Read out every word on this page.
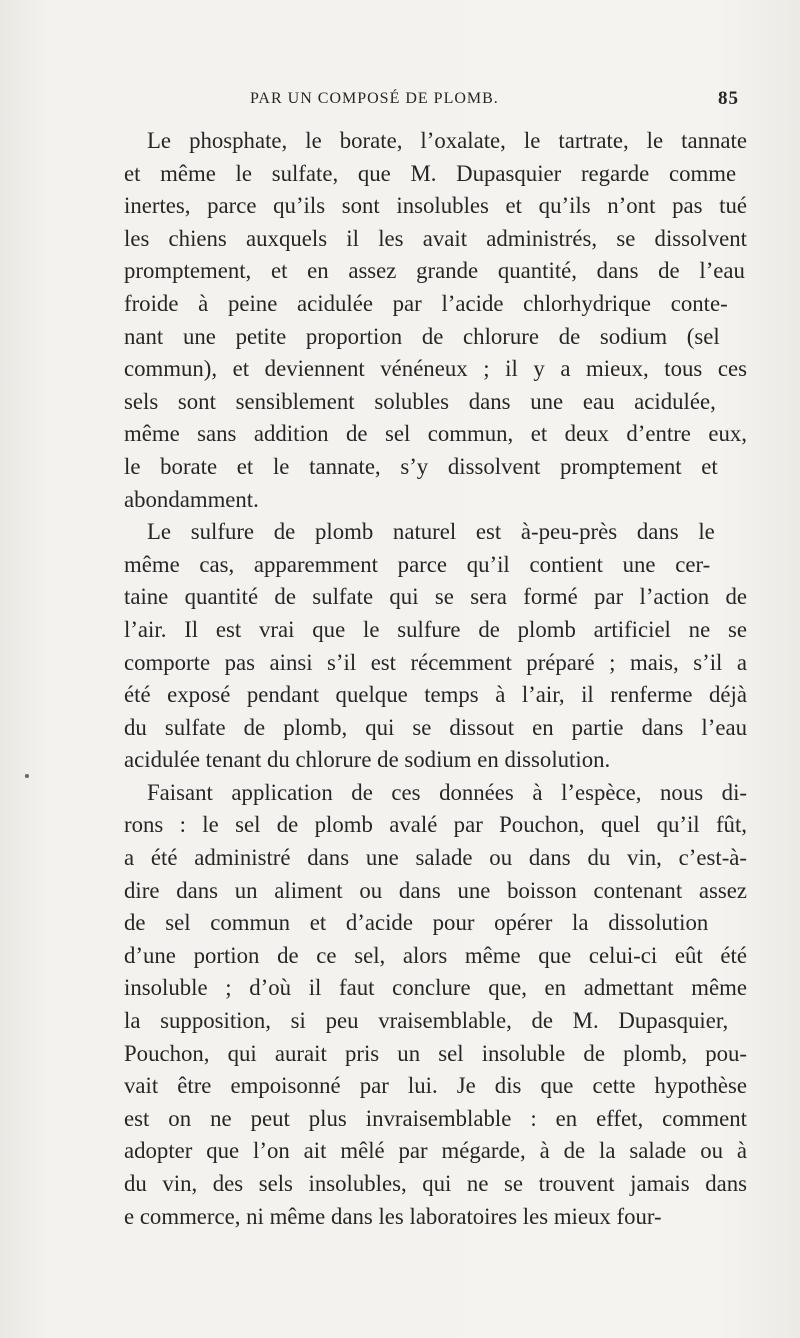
PAR UN COMPOSÉ DE PLOMB.	85
Le phosphate, le borate, l’oxalate, le tartrate, le tannate
et même le sulfate, que M. Dupasquier regarde comme
inertes, parce qu’ils sont insolubles et qu’ils n’ont pas tué
les chiens auxquels il les avait administrés, se dissolvent
promptement, et en assez grande quantité, dans de l’eau
froide à peine acidulée par l’acide chlorhydrique conte-
nant une petite proportion de chlorure de sodium (sel
commun), et deviennent vénéneux ; il y a mieux, tous ces
sels sont sensiblement solubles dans une eau acidulée,
même sans addition de sel commun, et deux d’entre eux,
le borate et le tannate, s’y dissolvent promptement et
abondamment.
Le sulfure de plomb naturel est à-peu-près dans le
même cas, apparemment parce qu’il contient une cer-
taine quantité de sulfate qui se sera formé par l’action de
l’air. Il est vrai que le sulfure de plomb artificiel ne se
comporte pas ainsi s’il est récemment préparé ; mais, s’il a
été exposé pendant quelque temps à l’air, il renferme déjà
du sulfate de plomb, qui se dissout en partie dans l’eau
acidulée tenant du chlorure de sodium en dissolution.
Faisant application de ces données à l’espèce, nous di-
rons : le sel de plomb avalé par Pouchon, quel qu’il fût,
a été administré dans une salade ou dans du vin, c’est-à-
dire dans un aliment ou dans une boisson contenant assez
de sel commun et d’acide pour opérer la dissolution
d’une portion de ce sel, alors même que celui-ci eût été
insoluble ; d’où il faut conclure que, en admettant même
la supposition, si peu vraisemblable, de M. Dupasquier,
Pouchon, qui aurait pris un sel insoluble de plomb, pou-
vait être empoisonné par lui. Je dis que cette hypothèse
est on ne peut plus invraisemblable : en effet, comment
adopter que l’on ait mêlé par mégarde, à de la salade ou à
du vin, des sels insolubles, qui ne se trouvent jamais dans
e commerce, ni même dans les laboratoires les mieux four-
